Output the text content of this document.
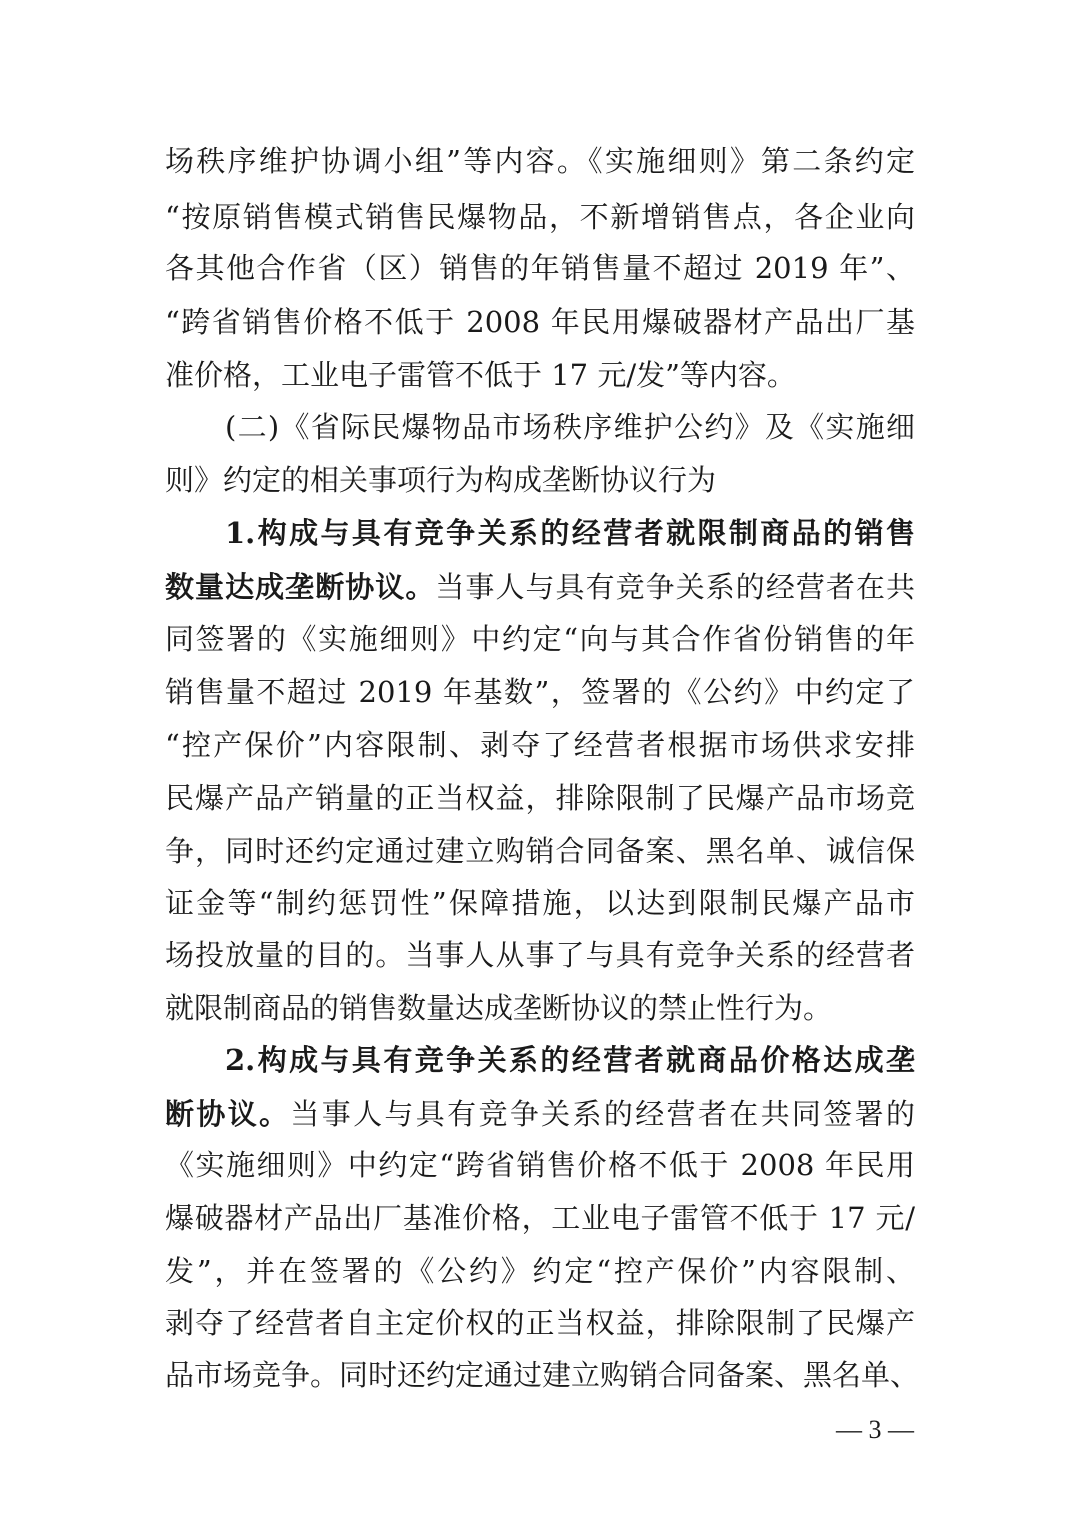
场秩序维护协调小组”等内容。《实施细则》第二条约定
“按原销售模式销售民爆物品，不新增销售点，各企业向
各其他合作省（区）销售的年销售量不超过 2019 年”、
“跨省销售价格不低于 2008 年民用爆破器材产品出厂基
准价格，工业电子雷管不低于 17 元/发”等内容。
(二)《省际民爆物品市场秩序维护公约》及《实施细
则》约定的相关事项行为构成垄断协议行为
1.构成与具有竞争关系的经营者就限制商品的销售
数量达成垄断协议。当事人与具有竞争关系的经营者在共
同签署的《实施细则》中约定“向与其合作省份销售的年
销售量不超过 2019 年基数”，签署的《公约》中约定了
“控产保价”内容限制、剥夺了经营者根据市场供求安排
民爆产品产销量的正当权益，排除限制了民爆产品市场竞
争，同时还约定通过建立购销合同备案、黑名单、诚信保
证金等“制约惩罚性”保障措施，以达到限制民爆产品市
场投放量的目的。当事人从事了与具有竞争关系的经营者
就限制商品的销售数量达成垄断协议的禁止性行为。
2.构成与具有竞争关系的经营者就商品价格达成垄
断协议。当事人与具有竞争关系的经营者在共同签署的
《实施细则》中约定“跨省销售价格不低于 2008 年民用
爆破器材产品出厂基准价格，工业电子雷管不低于 17 元/
发”，并在签署的《公约》约定“控产保价”内容限制、
剥夺了经营者自主定价权的正当权益，排除限制了民爆产
品市场竞争。同时还约定通过建立购销合同备案、黑名单、
— 3 —
